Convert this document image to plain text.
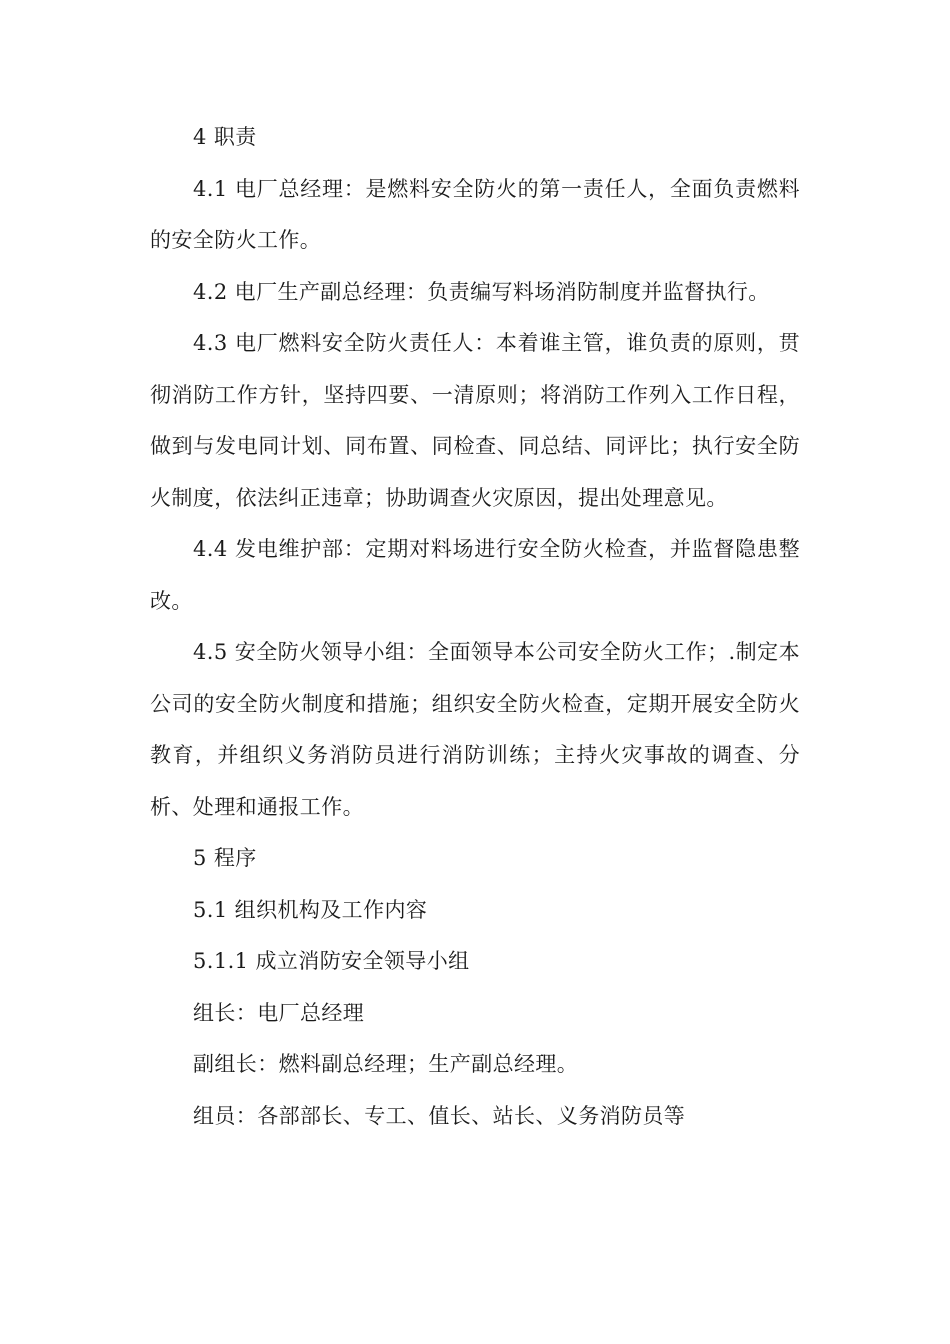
4 职责

4.1 电厂总经理：是燃料安全防火的第一责任人，全面负责燃料的安全防火工作。

4.2 电厂生产副总经理：负责编写料场消防制度并监督执行。

4.3 电厂燃料安全防火责任人：本着谁主管，谁负责的原则，贯彻消防工作方针，坚持四要、一清原则；将消防工作列入工作日程，做到与发电同计划、同布置、同检查、同总结、同评比；执行安全防火制度，依法纠正违章；协助调查火灾原因，提出处理意见。

4.4 发电维护部：定期对料场进行安全防火检查，并监督隐患整改。

4.5 安全防火领导小组：全面领导本公司安全防火工作；.制定本公司的安全防火制度和措施；组织安全防火检查，定期开展安全防火教育，并组织义务消防员进行消防训练；主持火灾事故的调查、分析、处理和通报工作。

5 程序

5.1 组织机构及工作内容

5.1.1 成立消防安全领导小组

组长：电厂总经理

副组长：燃料副总经理；生产副总经理。

组员：各部部长、专工、值长、站长、义务消防员等
